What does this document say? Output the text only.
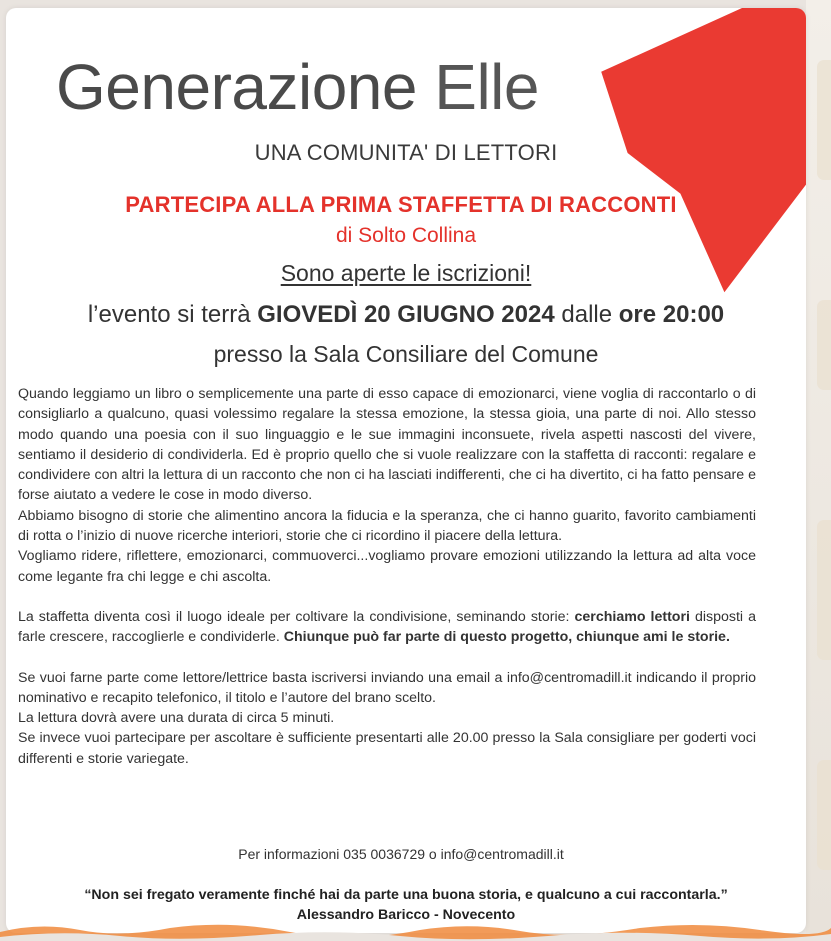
Generazione Elle
UNA COMUNITA' DI LETTORI
PARTECIPA ALLA PRIMA STAFFETTA DI RACCONTI
di Solto Collina
Sono aperte le iscrizioni!
l’evento si terrà GIOVEDÌ 20 GIUGNO 2024 dalle ore 20:00
presso la Sala Consiliare del Comune

Quando leggiamo un libro o semplicemente una parte di esso capace di emozionarci, viene voglia di raccontarlo o di consigliarlo a qualcuno, quasi volessimo regalare la stessa emozione, la stessa gioia, una parte di noi. Allo stesso modo quando una poesia con il suo linguaggio e le sue immagini inconsuete, rivela aspetti nascosti del vivere, sentiamo il desiderio di condividerla. Ed è proprio quello che si vuole realizzare con la staffetta di racconti: regalare e condividere con altri la lettura di un racconto che non ci ha lasciati indifferenti, che ci ha divertito, ci ha fatto pensare e forse aiutato a vedere le cose in modo diverso.

Abbiamo bisogno di storie che alimentino ancora la fiducia e la speranza, che ci hanno guarito, favorito cambiamenti di rotta o l’inizio di nuove ricerche interiori, storie che ci ricordino il piacere della lettura.

Vogliamo ridere, riflettere, emozionarci, commuoverci...vogliamo provare emozioni utilizzando la lettura ad alta voce come legante fra chi legge e chi ascolta.

La staffetta diventa così il luogo ideale per coltivare la condivisione, seminando storie: cerchiamo lettori disposti a farle crescere, raccoglierle e condividerle. Chiunque può far parte di questo progetto, chiunque ami le storie.

Se vuoi farne parte come lettore/lettrice basta iscriversi inviando una email a info@centromadill.it indicando il proprio nominativo e recapito telefonico, il titolo e l’autore del brano scelto.

La lettura dovrà avere una durata di circa 5 minuti.

Se invece vuoi partecipare per ascoltare è sufficiente presentarti alle 20.00 presso la Sala consigliare per goderti voci differenti e storie variegate.

Per informazioni 035 0036729 o info@centromadill.it
“Non sei fregato veramente finché hai da parte una buona storia, e qualcuno a cui raccontarla.”
Alessandro Baricco - Novecento
